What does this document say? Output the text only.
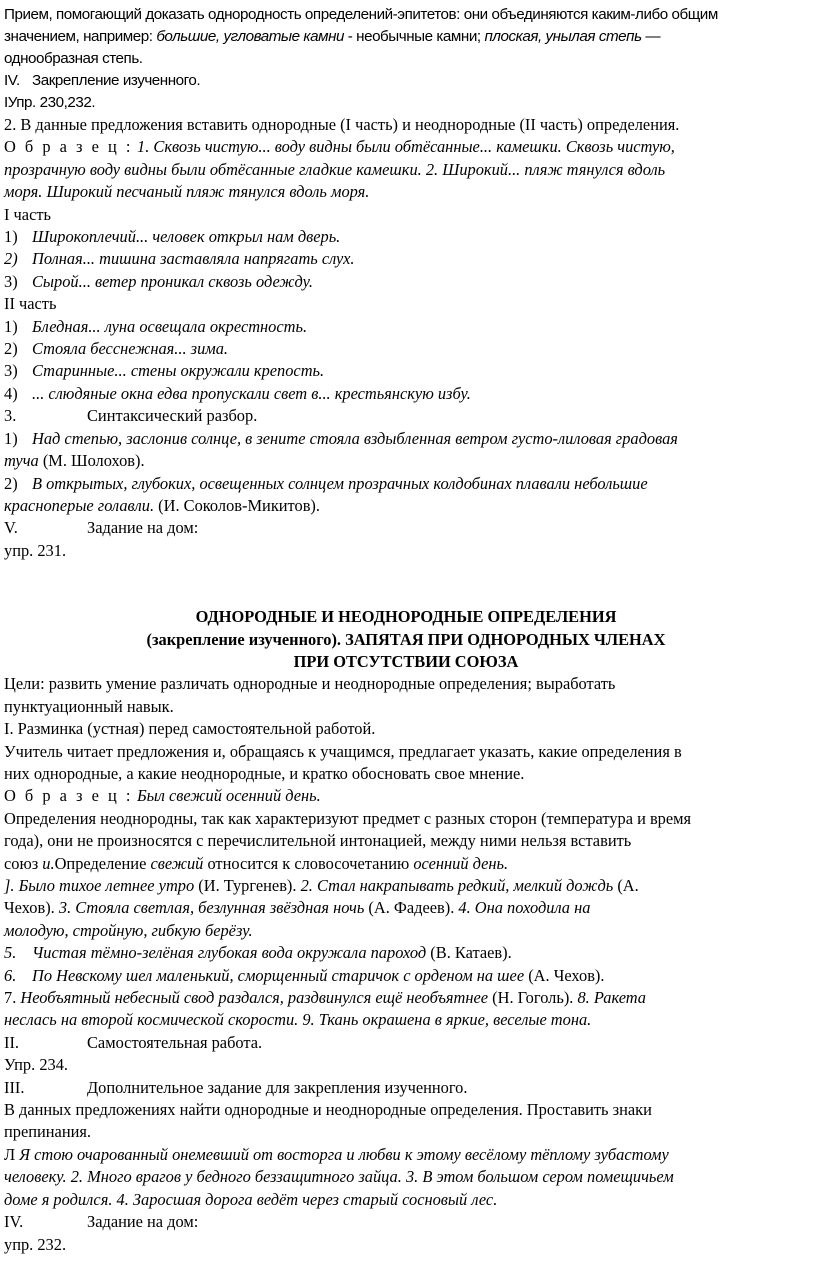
Прием, помогающий доказать однородность определений-эпитетов: они объединяются каким-либо общим

значением, например: большие, угловатые камни - необычные камни; плоская, унылая степь —

однообразная степь.

IV. Закрепление изученного.

IУпр. 230,232.

2. В данные предложения вставить однородные (I часть) и неоднородные (II часть) определения.

О б р а з е ц : 1. Сквозь чистую... воду видны были обтёсанные... камешки. Сквозь чистую,

прозрачную воду видны были обтёсанные гладкие камешки. 2. Широкий... пляж тянулся вдоль

моря. Широкий песчаный пляж тянулся вдоль моря.

I часть

1) Широкоплечий... человек открыл нам дверь.

2) Полная... тишина заставляла напрягать слух.

3) Сырой... ветер проникал сквозь одежду.

II часть

1) Бледная... луна освещала окрестность.

2) Стояла бесснежная... зима.

3) Старинные... стены окружали крепость.

4) ... слюдяные окна едва пропускали свет в... крестьянскую избу.

3.	Синтаксический разбор.

1) Над степью, заслонив солнце, в зените стояла вздыбленная ветром густо-лиловая градовая

туча (М. Шолохов).

2) В открытых, глубоких, освещенных солнцем прозрачных колдобинах плавали небольшие

красноперые голавли. (И. Соколов-Микитов).

V.	Задание на дом:

упр. 231.

ОДНОРОДНЫЕ И НЕОДНОРОДНЫЕ ОПРЕДЕЛЕНИЯ

(закрепление изученного). ЗАПЯТАЯ ПРИ ОДНОРОДНЫХ ЧЛЕНАХ

ПРИ ОТСУТСТВИИ СОЮЗА

Цели: развить умение различать однородные и неоднородные определения; выработать

пунктуационный навык.

I. Разминка (устная) перед самостоятельной работой.

Учитель читает предложения и, обращаясь к учащимся, предлагает указать, какие определения в

них однородные, а какие неоднородные, и кратко обосновать свое мнение.

О б р а з е ц : Был свежий осенний день.

Определения неоднородны, так как характеризуют предмет с разных сторон (температура и время

года), они не произносятся с перечислительной интонацией, между ними нельзя вставить

союз и.Определение свежий относится к словосочетанию осенний день.

]. Было тихое летнее утро (И. Тургенев). 2. Стал накрапывать редкий, мелкий дождь (А.

Чехов). 3. Стояла светлая, безлунная звёздная ночь (А. Фадеев). 4. Она походила на

молодую, стройную, гибкую берёзу.

5. Чистая тёмно-зелёная глубокая вода окружала пароход (В. Катаев).

6. По Невскому шел маленький, сморщенный старичок с орденом на шее (А. Чехов).

7. Необъятный небесный свод раздался, раздвинулся ещё необъятнее (Н. Гоголь). 8. Ракета

неслась на второй космической скорости. 9. Ткань окрашена в яркие, веселые тона.

II.	Самостоятельная работа.

Упр. 234.

III.	Дополнительное задание для закрепления изученного.

В данных предложениях найти однородные и неоднородные определения. Проставить знаки

препинания.

Л Я стою очарованный онемевший от восторга и любви к этому весёлому тёплому зубастому

человеку. 2. Много врагов у бедного беззащитного зайца. 3. В этом большом сером помещичьем

доме я родился. 4. Заросшая дорога ведёт через старый сосновый лес.

IV.	Задание на дом:

упр. 232.
